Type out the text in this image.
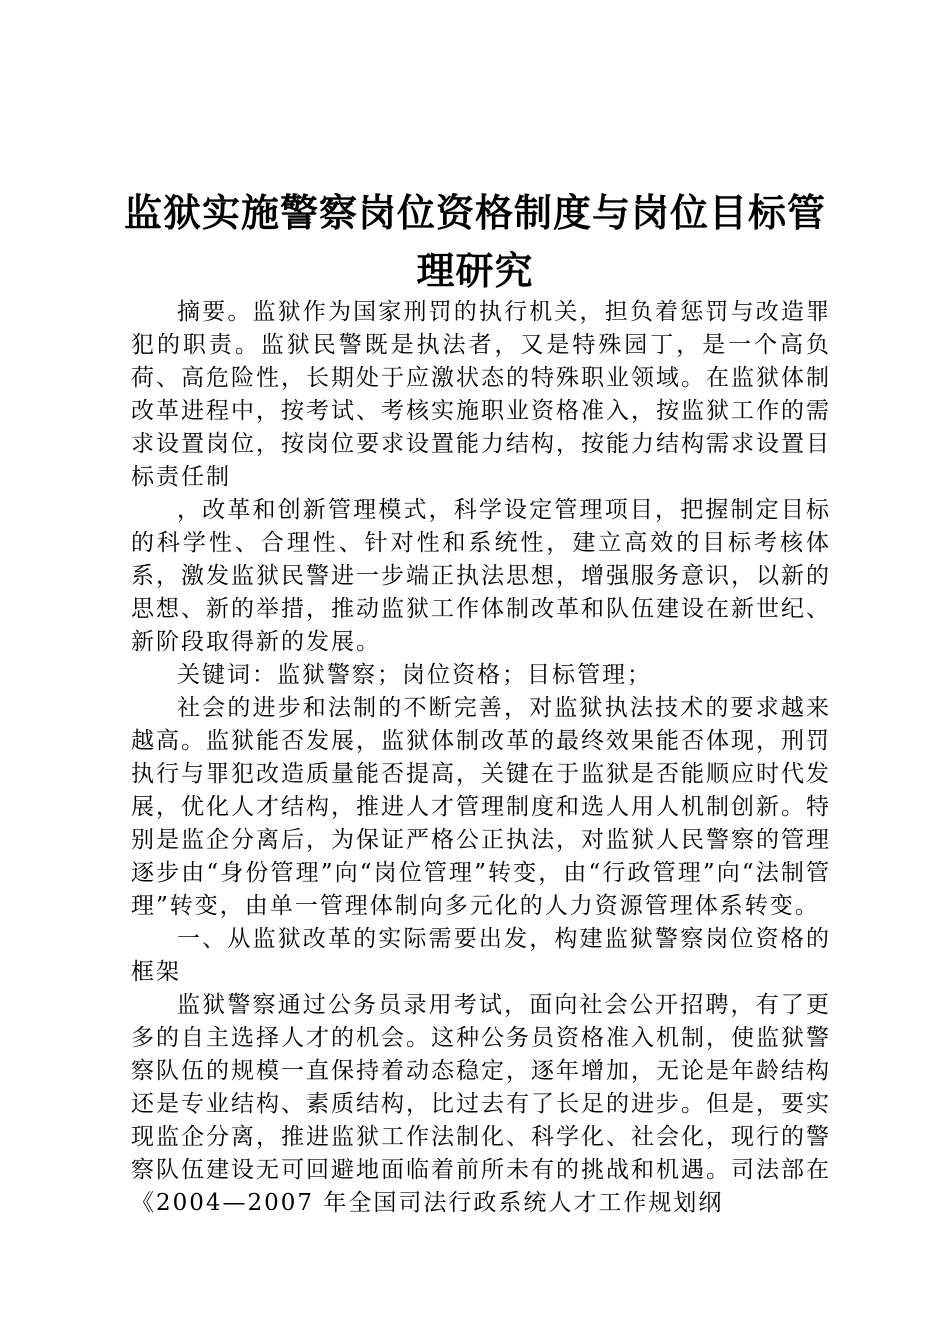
监狱实施警察岗位资格制度与岗位目标管理研究

摘要。监狱作为国家刑罚的执行机关，担负着惩罚与改造罪犯的职责。监狱民警既是执法者，又是特殊园丁，是一个高负荷、高危险性，长期处于应激状态的特殊职业领域。在监狱体制改革进程中，按考试、考核实施职业资格准入，按监狱工作的需求设置岗位，按岗位要求设置能力结构，按能力结构需求设置目标责任制

，改革和创新管理模式，科学设定管理项目，把握制定目标的科学性、合理性、针对性和系统性，建立高效的目标考核体系，激发监狱民警进一步端正执法思想，增强服务意识，以新的思想、新的举措，推动监狱工作体制改革和队伍建设在新世纪、新阶段取得新的发展。

关键词：监狱警察；岗位资格；目标管理；

社会的进步和法制的不断完善，对监狱执法技术的要求越来越高。监狱能否发展，监狱体制改革的最终效果能否体现，刑罚执行与罪犯改造质量能否提高，关键在于监狱是否能顺应时代发展，优化人才结构，推进人才管理制度和选人用人机制创新。特别是监企分离后，为保证严格公正执法，对监狱人民警察的管理逐步由“身份管理”向“岗位管理”转变，由“行政管理”向“法制管理”转变，由单一管理体制向多元化的人力资源管理体系转变。

一、从监狱改革的实际需要出发，构建监狱警察岗位资格的框架

监狱警察通过公务员录用考试，面向社会公开招聘，有了更多的自主选择人才的机会。这种公务员资格准入机制，使监狱警察队伍的规模一直保持着动态稳定，逐年增加，无论是年龄结构还是专业结构、素质结构，比过去有了长足的进步。但是，要实现监企分离，推进监狱工作法制化、科学化、社会化，现行的警察队伍建设无可回避地面临着前所未有的挑战和机遇。司法部在《2004—2007 年全国司法行政系统人才工作规划纲
